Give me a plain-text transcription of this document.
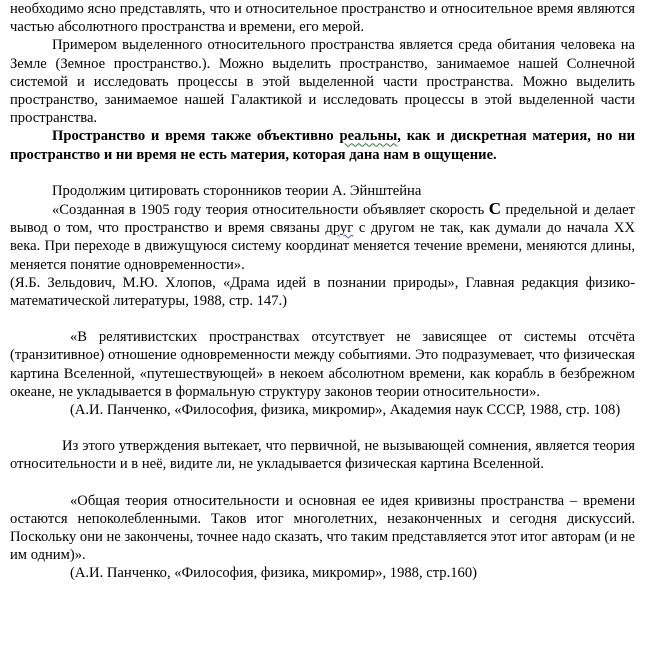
необходимо ясно представлять, что и относительное пространство и относительное время являются частью абсолютного пространства и времени, его мерой.

Примером выделенного относительного пространства является среда обитания человека на Земле (Земное пространство.). Можно выделить пространство, занимаемое нашей Солнечной системой и исследовать процессы в этой выделенной части пространства. Можно выделить пространство, занимаемое нашей Галактикой и исследовать процессы в этой выделенной части пространства.

Пространство и время также объективно реальны, как и дискретная материя, но ни пространство и ни время не есть материя, которая дана нам в ощущение.

Продолжим цитировать сторонников теории А. Эйнштейна

«Созданная в 1905 году теория относительности объявляет скорость С предельной и делает вывод о том, что пространство и время связаны друг с другом не так, как думали до начала XX века. При переходе в движущуюся систему координат меняется течение времени, меняются длины, меняется понятие одновременности».

(Я.Б. Зельдович, М.Ю. Хлопов, «Драма идей в познании природы», Главная редакция физико-математической литературы, 1988, стр. 147.)

«В релятивистских пространствах отсутствует не зависящее от системы отсчёта (транзитивное) отношение одновременности между событиями. Это подразумевает, что физическая картина Вселенной, «путешествующей» в некоем абсолютном времени, как корабль в безбрежном океане, не укладывается в формальную структуру законов теории относительности».

(А.И. Панченко, «Философия, физика, микромир», Академия наук СССР, 1988, стр. 108)

Из этого утверждения вытекает, что первичной, не вызывающей сомнения, является теория относительности и в неё, видите ли, не укладывается физическая картина Вселенной.

«Общая теория относительности и основная ее идея кривизны пространства – времени остаются непоколебленными. Таков итог многолетних, незаконченных и сегодня дискуссий. Поскольку они не закончены, точнее надо сказать, что таким представляется этот итог авторам (и не им одним)».

(А.И. Панченко, «Философия, физика, микромир», 1988, стр.160)
